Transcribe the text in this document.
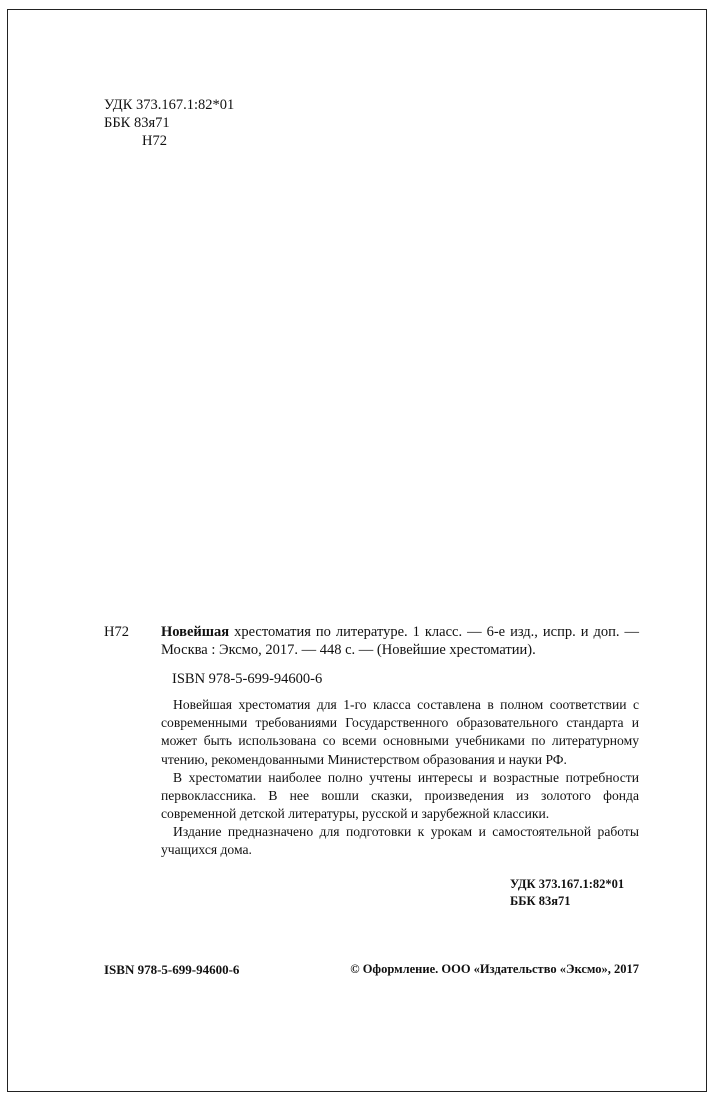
УДК 373.167.1:82*01
ББК 83я71
Н72
Н72 Новейшая хрестоматия по литературе. 1 класс. — 6-е изд., испр. и доп. — Москва : Эксмо, 2017. — 448 с. — (Новейшие хрестоматии).
ISBN 978-5-699-94600-6

Новейшая хрестоматия для 1-го класса составлена в полном соответствии с современными требованиями Государственного образовательного стандарта и может быть использована со всеми основными учебниками по литературному чтению, рекомендованными Министерством образования и науки РФ.

В хрестоматии наиболее полно учтены интересы и возрастные потребности первоклассника. В нее вошли сказки, произведения из золотого фонда современной детской литературы, русской и зарубежной классики.

Издание предназначено для подготовки к урокам и самостоятельной работы учащихся дома.

УДК 373.167.1:82*01
ББК 83я71
ISBN 978-5-699-94600-6	© Оформление. ООО «Издательство «Эксмо», 2017
